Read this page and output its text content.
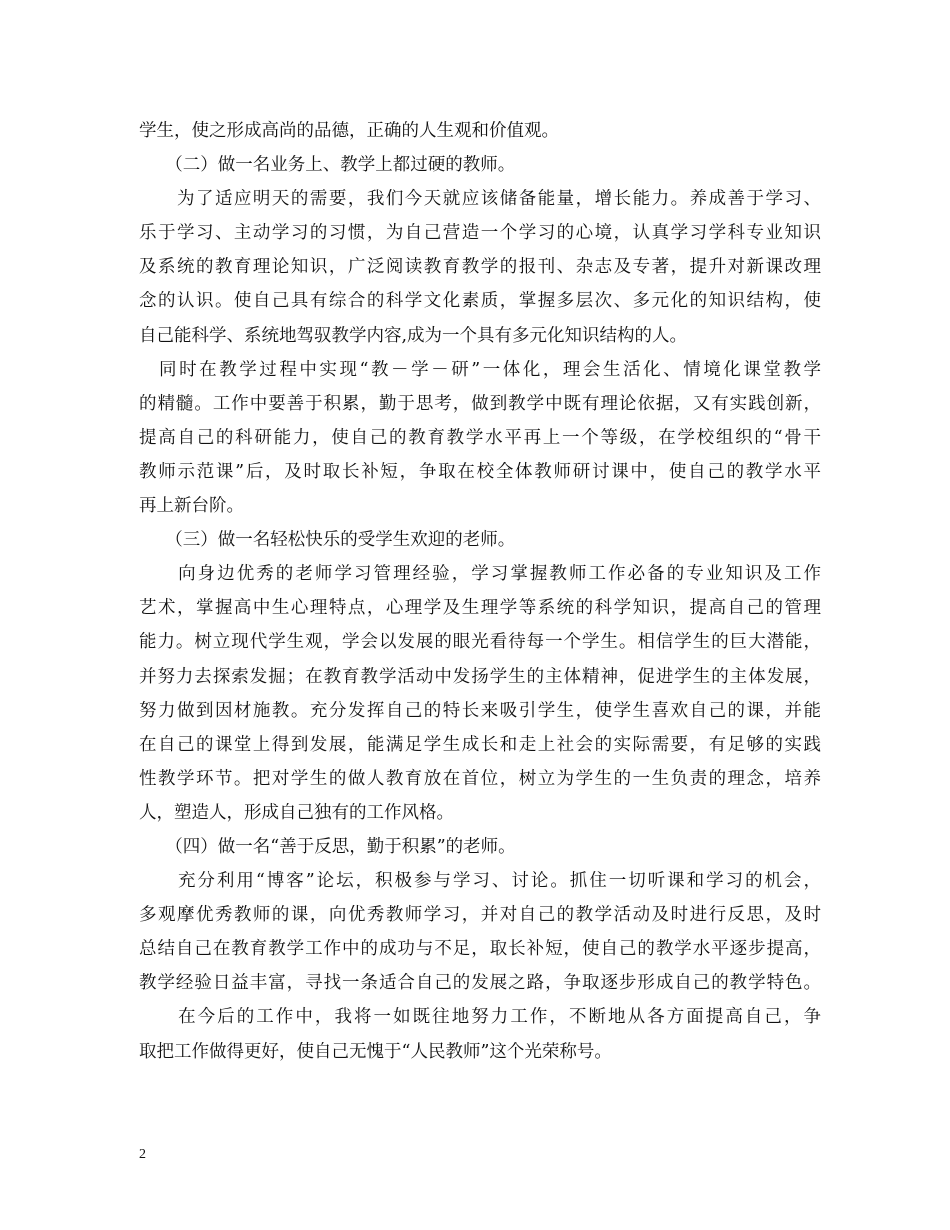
学生，使之形成高尚的品德，正确的人生观和价值观。
　　（二）做一名业务上、教学上都过硬的教师。
　　为了适应明天的需要，我们今天就应该储备能量，增长能力。养成善于学习、
乐于学习、主动学习的习惯，为自己营造一个学习的心境，认真学习学科专业知识
及系统的教育理论知识，广泛阅读教育教学的报刊、杂志及专著，提升对新课改理
念的认识。使自己具有综合的科学文化素质，掌握多层次、多元化的知识结构，使
自己能科学、系统地驾驭教学内容,成为一个具有多元化知识结构的人。
　同时在教学过程中实现“教－学－研”一体化，理会生活化、情境化课堂教学
的精髓。工作中要善于积累，勤于思考，做到教学中既有理论依据，又有实践创新，
提高自己的科研能力，使自己的教育教学水平再上一个等级，在学校组织的“骨干
教师示范课”后，及时取长补短，争取在校全体教师研讨课中，使自己的教学水平
再上新台阶。
　　（三）做一名轻松快乐的受学生欢迎的老师。
　　向身边优秀的老师学习管理经验，学习掌握教师工作必备的专业知识及工作
艺术，掌握高中生心理特点，心理学及生理学等系统的科学知识，提高自己的管理
能力。树立现代学生观，学会以发展的眼光看待每一个学生。相信学生的巨大潜能，
并努力去探索发掘；在教育教学活动中发扬学生的主体精神，促进学生的主体发展，
努力做到因材施教。充分发挥自己的特长来吸引学生，使学生喜欢自己的课，并能
在自己的课堂上得到发展，能满足学生成长和走上社会的实际需要，有足够的实践
性教学环节。把对学生的做人教育放在首位，树立为学生的一生负责的理念，培养
人，塑造人，形成自己独有的工作风格。
　　（四）做一名“善于反思，勤于积累”的老师。
　　充分利用“博客”论坛，积极参与学习、讨论。抓住一切听课和学习的机会，
多观摩优秀教师的课，向优秀教师学习，并对自己的教学活动及时进行反思，及时
总结自己在教育教学工作中的成功与不足，取长补短，使自己的教学水平逐步提高，
教学经验日益丰富，寻找一条适合自己的发展之路，争取逐步形成自己的教学特色。
　　在今后的工作中，我将一如既往地努力工作，不断地从各方面提高自己，争
取把工作做得更好，使自己无愧于“人民教师”这个光荣称号。
2
